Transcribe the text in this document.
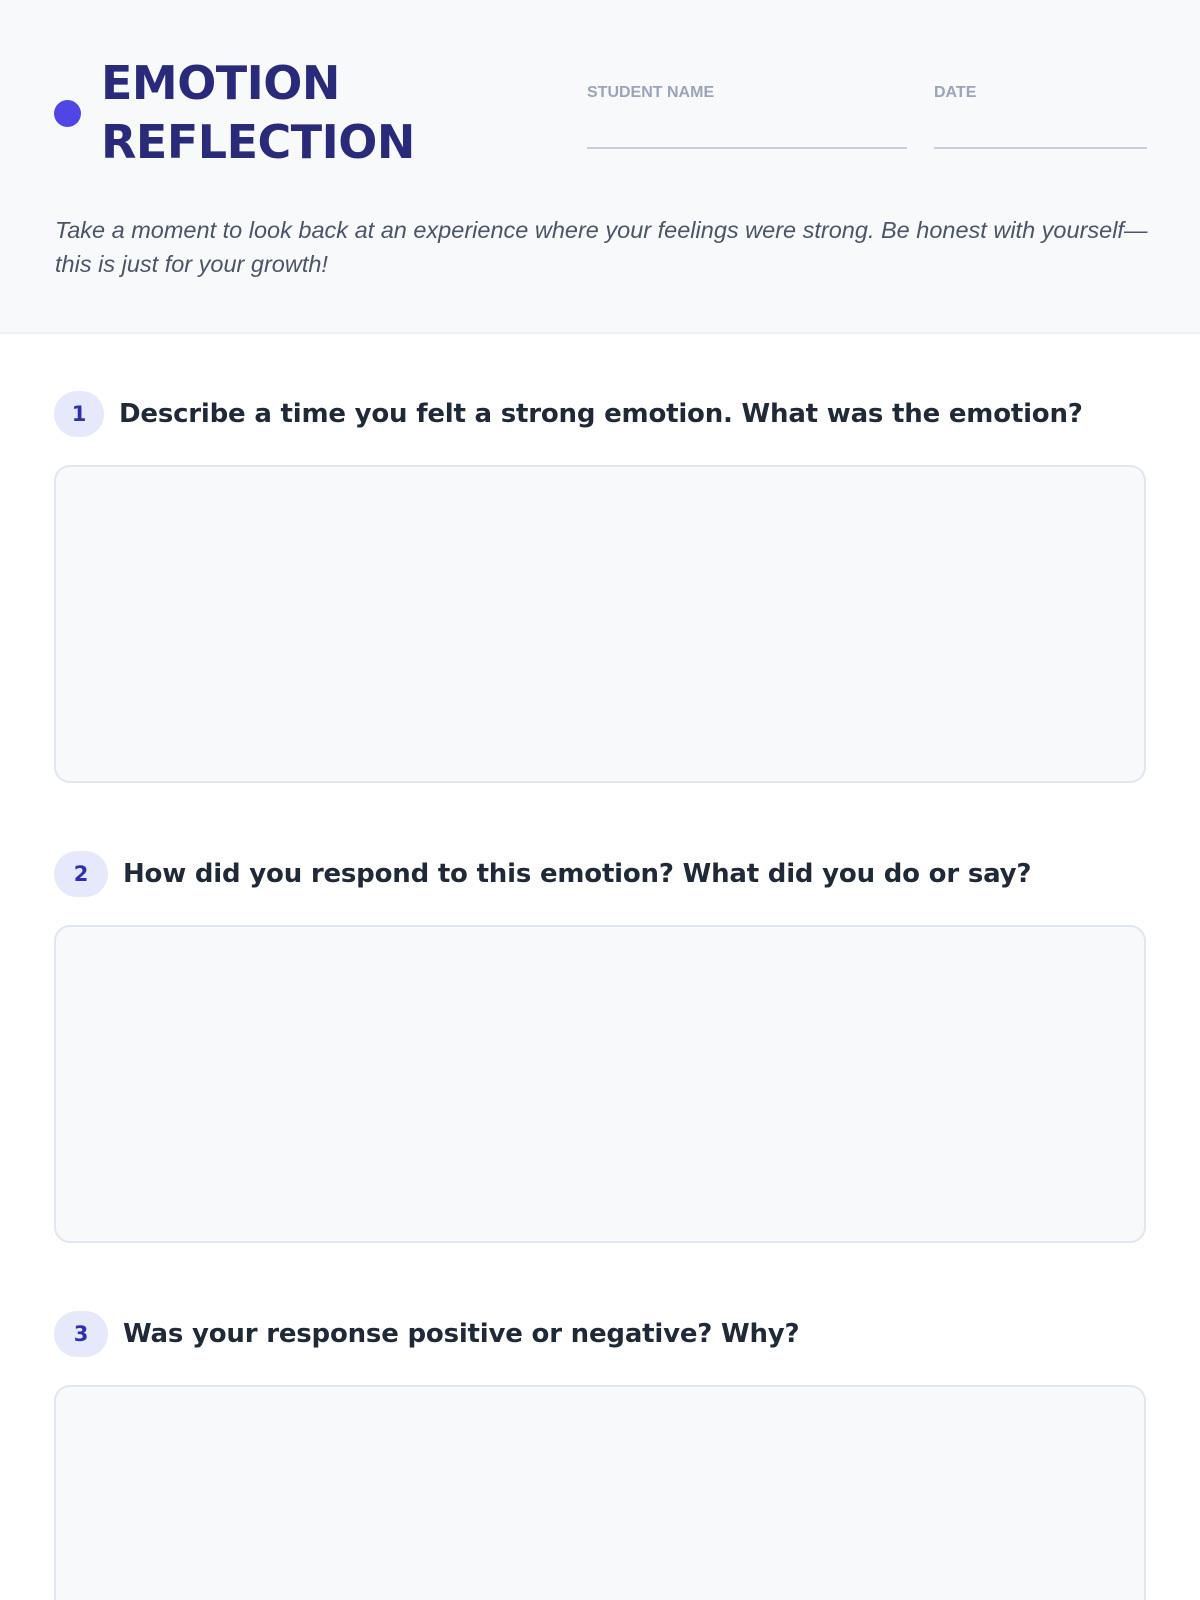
EMOTION
REFLECTION
STUDENT NAME	DATE

Take a moment to look back at an experience where your feelings were strong. Be honest with yourself—this is just for your growth!

1	Describe a time you felt a strong emotion. What was the emotion?
2	How did you respond to this emotion? What did you do or say?
3	Was your response positive or negative? Why?
